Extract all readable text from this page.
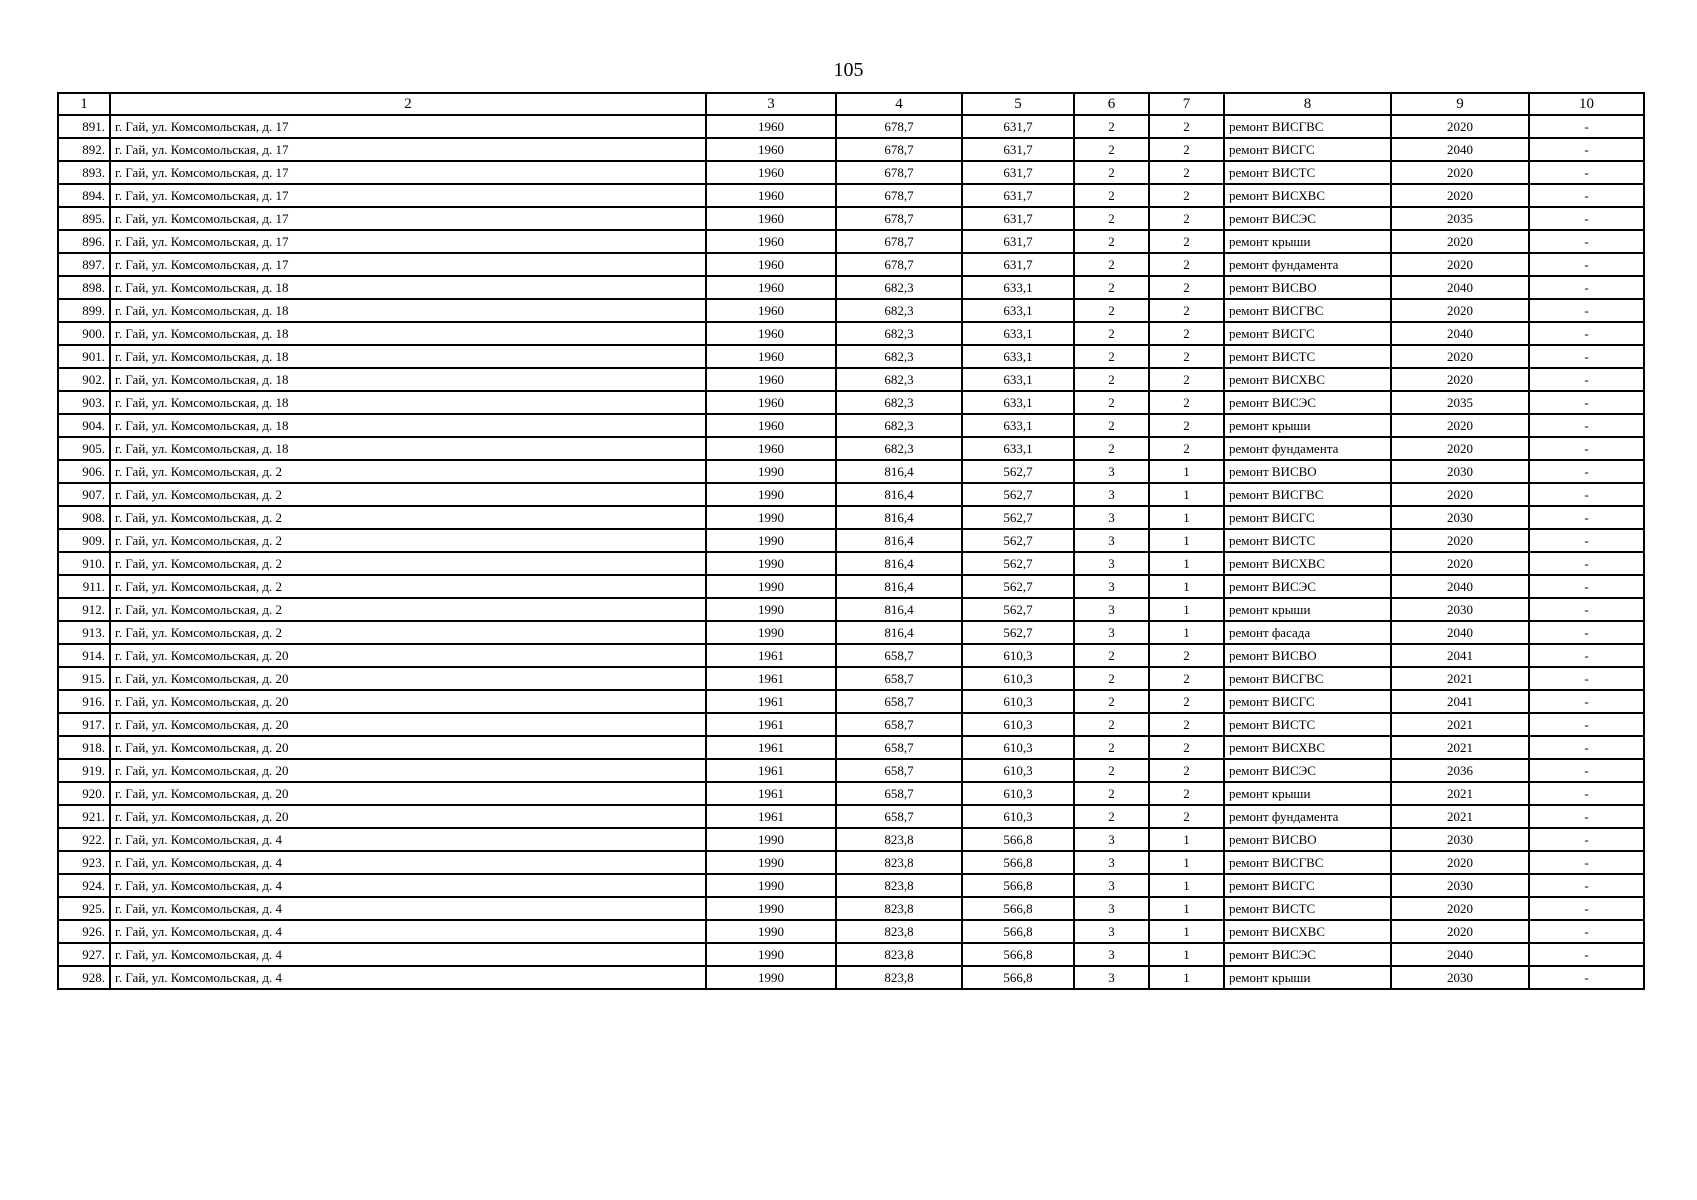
105
1	2	3	4	5	6	7	8	9	10
891.	г. Гай, ул. Комсомольская, д. 17	1960	678,7	631,7	2	2	ремонт ВИСГВС	2020	-
892.	г. Гай, ул. Комсомольская, д. 17	1960	678,7	631,7	2	2	ремонт ВИСГС	2040	-
893.	г. Гай, ул. Комсомольская, д. 17	1960	678,7	631,7	2	2	ремонт ВИСТС	2020	-
894.	г. Гай, ул. Комсомольская, д. 17	1960	678,7	631,7	2	2	ремонт ВИСХВС	2020	-
895.	г. Гай, ул. Комсомольская, д. 17	1960	678,7	631,7	2	2	ремонт ВИСЭС	2035	-
896.	г. Гай, ул. Комсомольская, д. 17	1960	678,7	631,7	2	2	ремонт крыши	2020	-
897.	г. Гай, ул. Комсомольская, д. 17	1960	678,7	631,7	2	2	ремонт фундамента	2020	-
898.	г. Гай, ул. Комсомольская, д. 18	1960	682,3	633,1	2	2	ремонт ВИСВО	2040	-
899.	г. Гай, ул. Комсомольская, д. 18	1960	682,3	633,1	2	2	ремонт ВИСГВС	2020	-
900.	г. Гай, ул. Комсомольская, д. 18	1960	682,3	633,1	2	2	ремонт ВИСГС	2040	-
901.	г. Гай, ул. Комсомольская, д. 18	1960	682,3	633,1	2	2	ремонт ВИСТС	2020	-
902.	г. Гай, ул. Комсомольская, д. 18	1960	682,3	633,1	2	2	ремонт ВИСХВС	2020	-
903.	г. Гай, ул. Комсомольская, д. 18	1960	682,3	633,1	2	2	ремонт ВИСЭС	2035	-
904.	г. Гай, ул. Комсомольская, д. 18	1960	682,3	633,1	2	2	ремонт крыши	2020	-
905.	г. Гай, ул. Комсомольская, д. 18	1960	682,3	633,1	2	2	ремонт фундамента	2020	-
906.	г. Гай, ул. Комсомольская, д. 2	1990	816,4	562,7	3	1	ремонт ВИСВО	2030	-
907.	г. Гай, ул. Комсомольская, д. 2	1990	816,4	562,7	3	1	ремонт ВИСГВС	2020	-
908.	г. Гай, ул. Комсомольская, д. 2	1990	816,4	562,7	3	1	ремонт ВИСГС	2030	-
909.	г. Гай, ул. Комсомольская, д. 2	1990	816,4	562,7	3	1	ремонт ВИСТС	2020	-
910.	г. Гай, ул. Комсомольская, д. 2	1990	816,4	562,7	3	1	ремонт ВИСХВС	2020	-
911.	г. Гай, ул. Комсомольская, д. 2	1990	816,4	562,7	3	1	ремонт ВИСЭС	2040	-
912.	г. Гай, ул. Комсомольская, д. 2	1990	816,4	562,7	3	1	ремонт крыши	2030	-
913.	г. Гай, ул. Комсомольская, д. 2	1990	816,4	562,7	3	1	ремонт фасада	2040	-
914.	г. Гай, ул. Комсомольская, д. 20	1961	658,7	610,3	2	2	ремонт ВИСВО	2041	-
915.	г. Гай, ул. Комсомольская, д. 20	1961	658,7	610,3	2	2	ремонт ВИСГВС	2021	-
916.	г. Гай, ул. Комсомольская, д. 20	1961	658,7	610,3	2	2	ремонт ВИСГС	2041	-
917.	г. Гай, ул. Комсомольская, д. 20	1961	658,7	610,3	2	2	ремонт ВИСТС	2021	-
918.	г. Гай, ул. Комсомольская, д. 20	1961	658,7	610,3	2	2	ремонт ВИСХВС	2021	-
919.	г. Гай, ул. Комсомольская, д. 20	1961	658,7	610,3	2	2	ремонт ВИСЭС	2036	-
920.	г. Гай, ул. Комсомольская, д. 20	1961	658,7	610,3	2	2	ремонт крыши	2021	-
921.	г. Гай, ул. Комсомольская, д. 20	1961	658,7	610,3	2	2	ремонт фундамента	2021	-
922.	г. Гай, ул. Комсомольская, д. 4	1990	823,8	566,8	3	1	ремонт ВИСВО	2030	-
923.	г. Гай, ул. Комсомольская, д. 4	1990	823,8	566,8	3	1	ремонт ВИСГВС	2020	-
924.	г. Гай, ул. Комсомольская, д. 4	1990	823,8	566,8	3	1	ремонт ВИСГС	2030	-
925.	г. Гай, ул. Комсомольская, д. 4	1990	823,8	566,8	3	1	ремонт ВИСТС	2020	-
926.	г. Гай, ул. Комсомольская, д. 4	1990	823,8	566,8	3	1	ремонт ВИСХВС	2020	-
927.	г. Гай, ул. Комсомольская, д. 4	1990	823,8	566,8	3	1	ремонт ВИСЭС	2040	-
928.	г. Гай, ул. Комсомольская, д. 4	1990	823,8	566,8	3	1	ремонт крыши	2030	-
